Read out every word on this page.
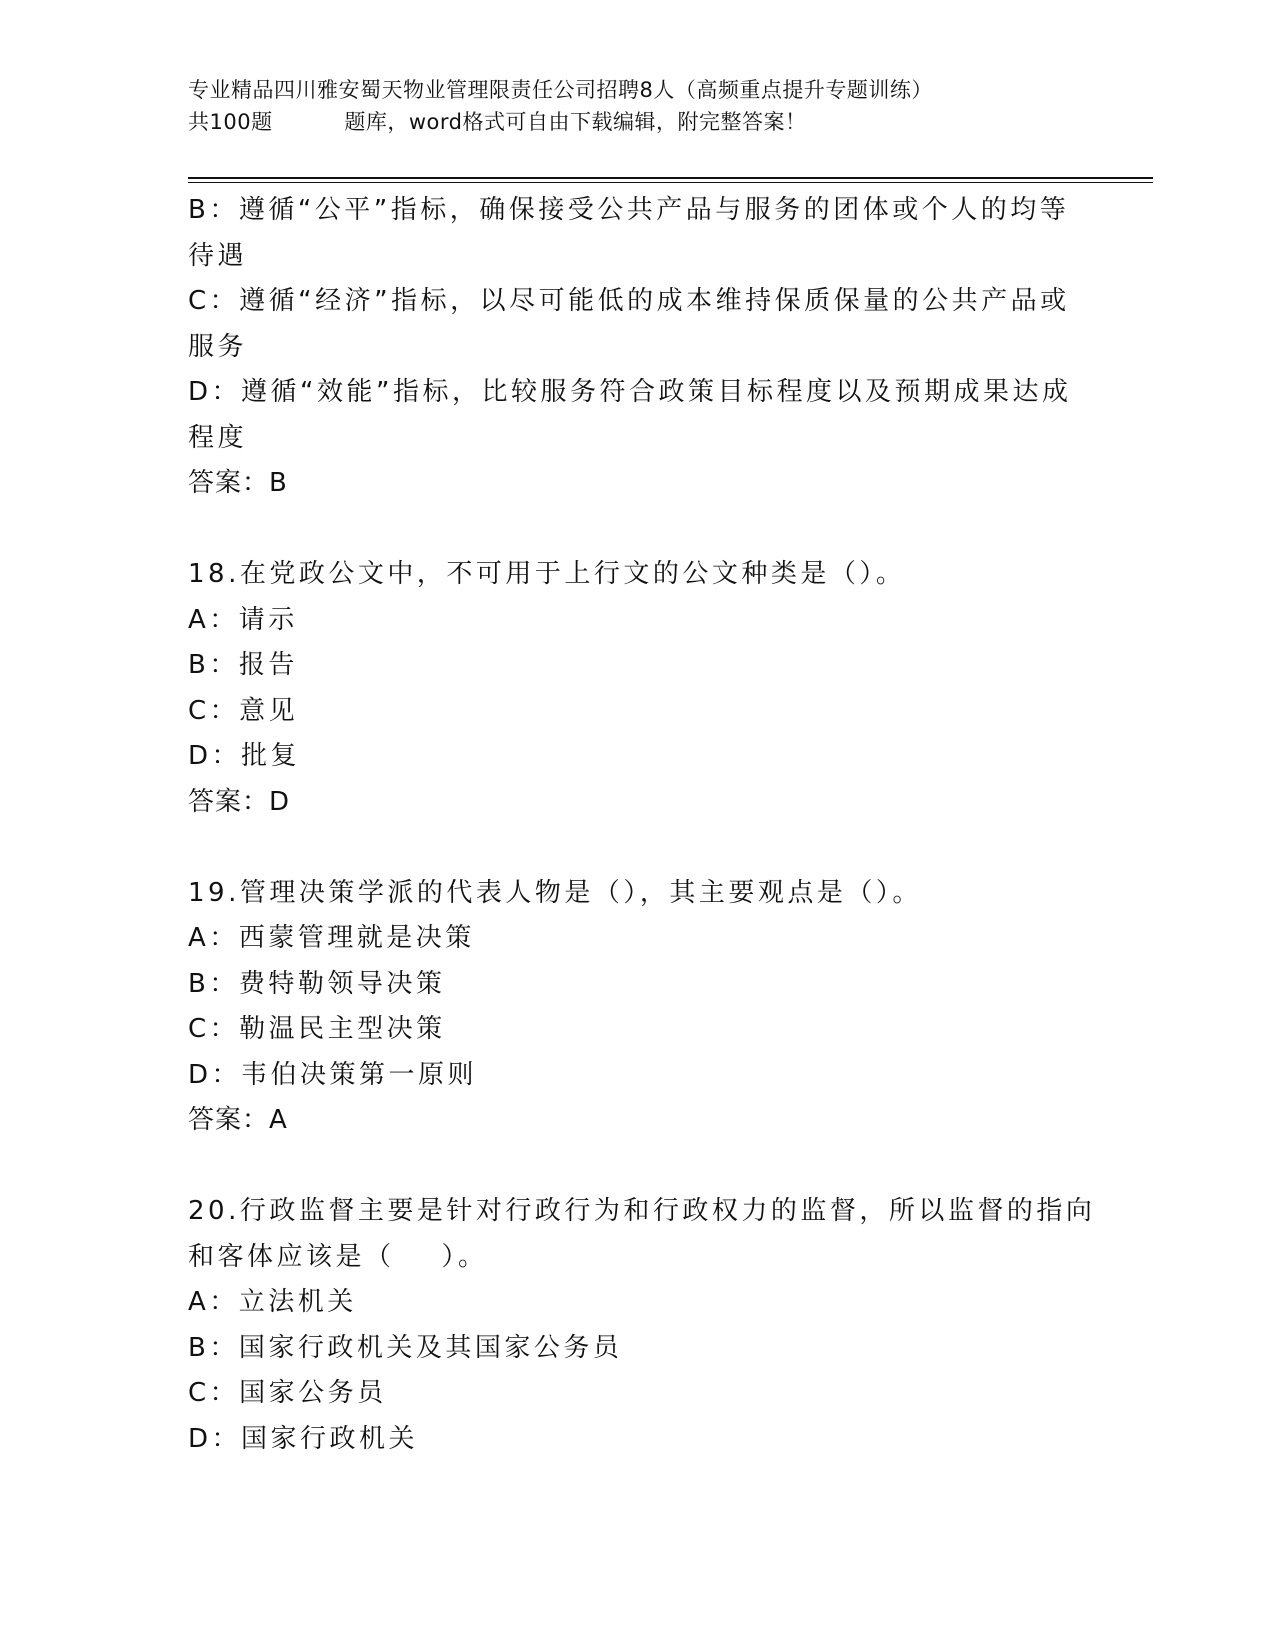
专业精品四川雅安蜀天物业管理限责任公司招聘8人（高频重点提升专题训练）
共100题          题库，word格式可自由下载编辑，附完整答案！
B：遵循“公平”指标，确保接受公共产品与服务的团体或个人的均等
待遇
C：遵循“经济”指标，以尽可能低的成本维持保质保量的公共产品或
服务
D：遵循“效能”指标，比较服务符合政策目标程度以及预期成果达成
程度
答案：B
18.在党政公文中，不可用于上行文的公文种类是（）。
A：请示
B：报告
C：意见
D：批复
答案：D
19.管理决策学派的代表人物是（），其主要观点是（）。
A：西蒙管理就是决策
B：费特勒领导决策
C：勒温民主型决策
D：韦伯决策第一原则
答案：A
20.行政监督主要是针对行政行为和行政权力的监督，所以监督的指向
和客体应该是（    ）。
A：立法机关
B：国家行政机关及其国家公务员
C：国家公务员
D：国家行政机关
